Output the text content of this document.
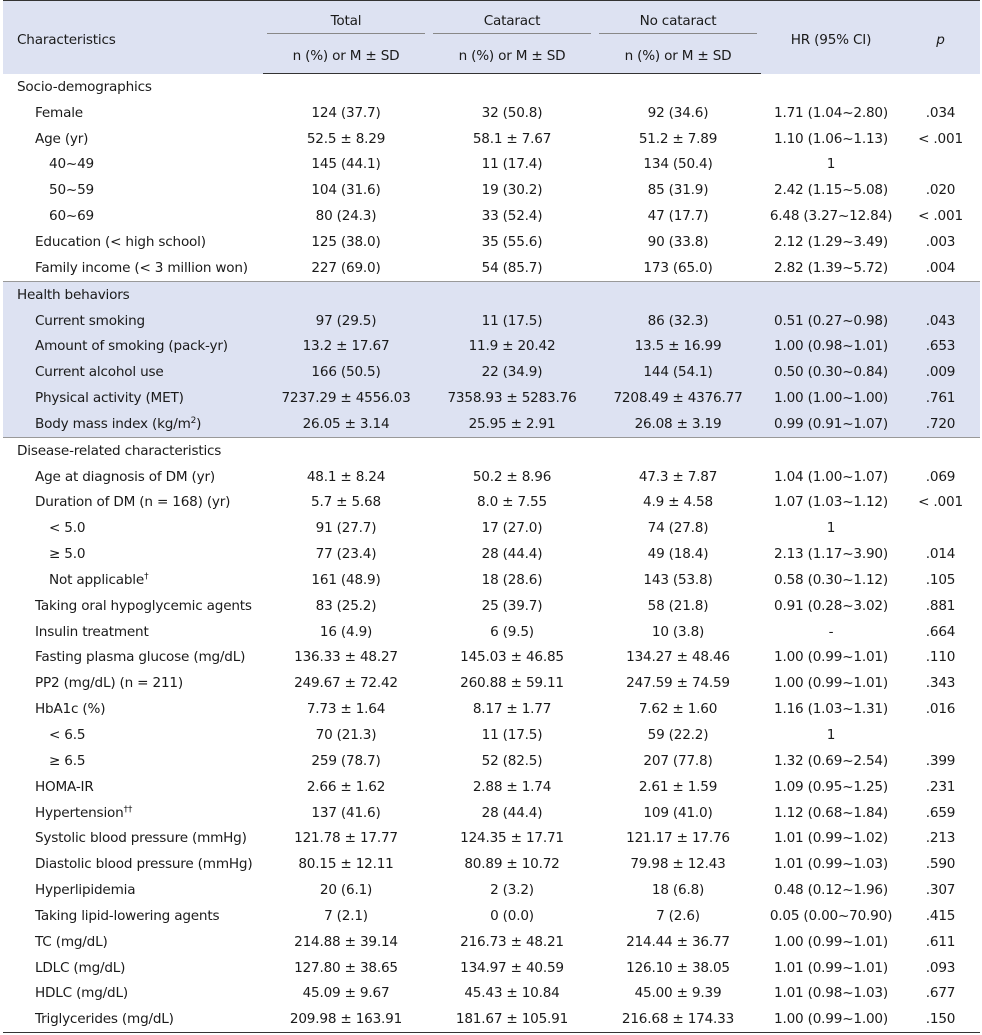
Characteristics	Total	Cataract	No cataract	HR (95% CI)	p
	n (%) or M ± SD	n (%) or M ± SD	n (%) or M ± SD		
Socio-demographics					
Female	124 (37.7)	32 (50.8)	92 (34.6)	1.71 (1.04~2.80)	.034
Age (yr)	52.5 ± 8.29	58.1 ± 7.67	51.2 ± 7.89	1.10 (1.06~1.13)	< .001
40~49	145 (44.1)	11 (17.4)	134 (50.4)	1	
50~59	104 (31.6)	19 (30.2)	85 (31.9)	2.42 (1.15~5.08)	.020
60~69	80 (24.3)	33 (52.4)	47 (17.7)	6.48 (3.27~12.84)	< .001
Education (< high school)	125 (38.0)	35 (55.6)	90 (33.8)	2.12 (1.29~3.49)	.003
Family income (< 3 million won)	227 (69.0)	54 (85.7)	173 (65.0)	2.82 (1.39~5.72)	.004
Health behaviors					
Current smoking	97 (29.5)	11 (17.5)	86 (32.3)	0.51 (0.27~0.98)	.043
Amount of smoking (pack-yr)	13.2 ± 17.67	11.9 ± 20.42	13.5 ± 16.99	1.00 (0.98~1.01)	.653
Current alcohol use	166 (50.5)	22 (34.9)	144 (54.1)	0.50 (0.30~0.84)	.009
Physical activity (MET)	7237.29 ± 4556.03	7358.93 ± 5283.76	7208.49 ± 4376.77	1.00 (1.00~1.00)	.761
Body mass index $(kg/m^2)$	26.05 ± 3.14	25.95 ± 2.91	26.08 ± 3.19	0.99 (0.91~1.07)	.720
Disease-related characteristics					
Age at diagnosis of DM (yr)	48.1 ± 8.24	50.2 ± 8.96	47.3 ± 7.87	1.04 (1.00~1.07)	.069
Duration of DM (n = 168) (yr)	5.7 ± 5.68	8.0 ± 7.55	4.9 ± 4.58	1.07 (1.03~1.12)	< .001
< 5.0	91 (27.7)	17 (27.0)	74 (27.8)	1	
≥ 5.0	77 (23.4)	28 (44.4)	49 (18.4)	2.13 (1.17~3.90)	.014
Not applicable†	161 (48.9)	18 (28.6)	143 (53.8)	0.58 (0.30~1.12)	.105
Taking oral hypoglycemic agents	83 (25.2)	25 (39.7)	58 (21.8)	0.91 (0.28~3.02)	.881
Insulin treatment	16 (4.9)	6 (9.5)	10 (3.8)	-	.664
Fasting plasma glucose (mg/dL)	136.33 ± 48.27	145.03 ± 46.85	134.27 ± 48.46	1.00 (0.99~1.01)	.110
PP2 (mg/dL) (n = 211)	249.67 ± 72.42	260.88 ± 59.11	247.59 ± 74.59	1.00 (0.99~1.01)	.343
HbA1c (%)	7.73 ± 1.64	8.17 ± 1.77	7.62 ± 1.60	1.16 (1.03~1.31)	.016
< 6.5	70 (21.3)	11 (17.5)	59 (22.2)	1	
≥ 6.5	259 (78.7)	52 (82.5)	207 (77.8)	1.32 (0.69~2.54)	.399
HOMA-IR	2.66 ± 1.62	2.88 ± 1.74	2.61 ± 1.59	1.09 (0.95~1.25)	.231
Hypertension††	137 (41.6)	28 (44.4)	109 (41.0)	1.12 (0.68~1.84)	.659
Systolic blood pressure (mmHg)	121.78 ± 17.77	124.35 ± 17.71	121.17 ± 17.76	1.01 (0.99~1.02)	.213
Diastolic blood pressure (mmHg)	80.15 ± 12.11	80.89 ± 10.72	79.98 ± 12.43	1.01 (0.99~1.03)	.590
Hyperlipidemia	20 (6.1)	2 (3.2)	18 (6.8)	0.48 (0.12~1.96)	.307
Taking lipid-lowering agents	7 (2.1)	0 (0.0)	7 (2.6)	0.05 (0.00~70.90)	.415
TC (mg/dL)	214.88 ± 39.14	216.73 ± 48.21	214.44 ± 36.77	1.00 (0.99~1.01)	.611
LDLC (mg/dL)	127.80 ± 38.65	134.97 ± 40.59	126.10 ± 38.05	1.01 (0.99~1.01)	.093
HDLC (mg/dL)	45.09 ± 9.67	45.43 ± 10.84	45.00 ± 9.39	1.01 (0.98~1.03)	.677
Triglycerides (mg/dL)	209.98 ± 163.91	181.67 ± 105.91	216.68 ± 174.33	1.00 (0.99~1.00)	.150
